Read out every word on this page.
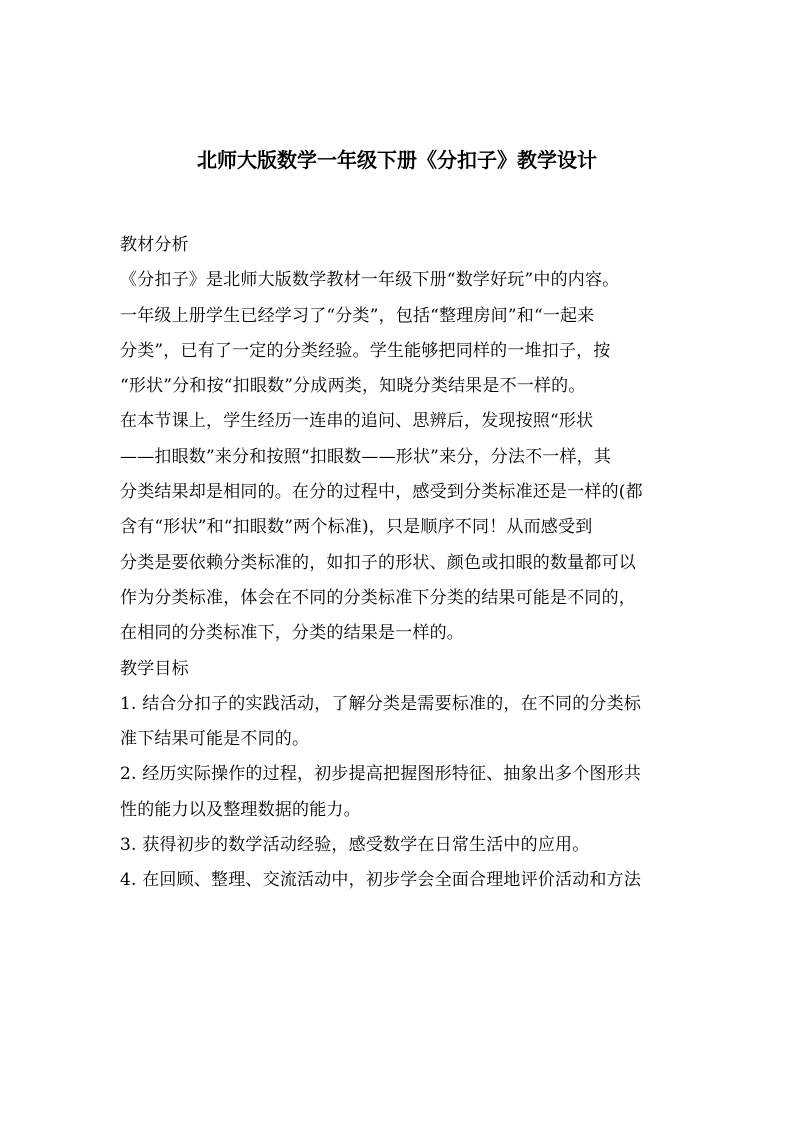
北师大版数学一年级下册《分扣子》教学设计
教材分析
《分扣子》是北师大版数学教材一年级下册“数学好玩”中的内容。
一年级上册学生已经学习了“分类”，包括“整理房间”和“一起来
分类”，已有了一定的分类经验。学生能够把同样的一堆扣子，按
“形状”分和按“扣眼数”分成两类，知晓分类结果是不一样的。
在本节课上，学生经历一连串的追问、思辨后，发现按照“形状
——扣眼数”来分和按照“扣眼数——形状”来分，分法不一样，其
分类结果却是相同的。在分的过程中，感受到分类标准还是一样的(都
含有“形状”和“扣眼数”两个标准)，只是顺序不同！从而感受到
分类是要依赖分类标准的，如扣子的形状、颜色或扣眼的数量都可以
作为分类标准，体会在不同的分类标准下分类的结果可能是不同的，
在相同的分类标准下，分类的结果是一样的。
教学目标
1. 结合分扣子的实践活动，了解分类是需要标准的，在不同的分类标
准下结果可能是不同的。
2. 经历实际操作的过程，初步提高把握图形特征、抽象出多个图形共
性的能力以及整理数据的能力。
3. 获得初步的数学活动经验，感受数学在日常生活中的应用。
4. 在回顾、整理、交流活动中，初步学会全面合理地评价活动和方法
